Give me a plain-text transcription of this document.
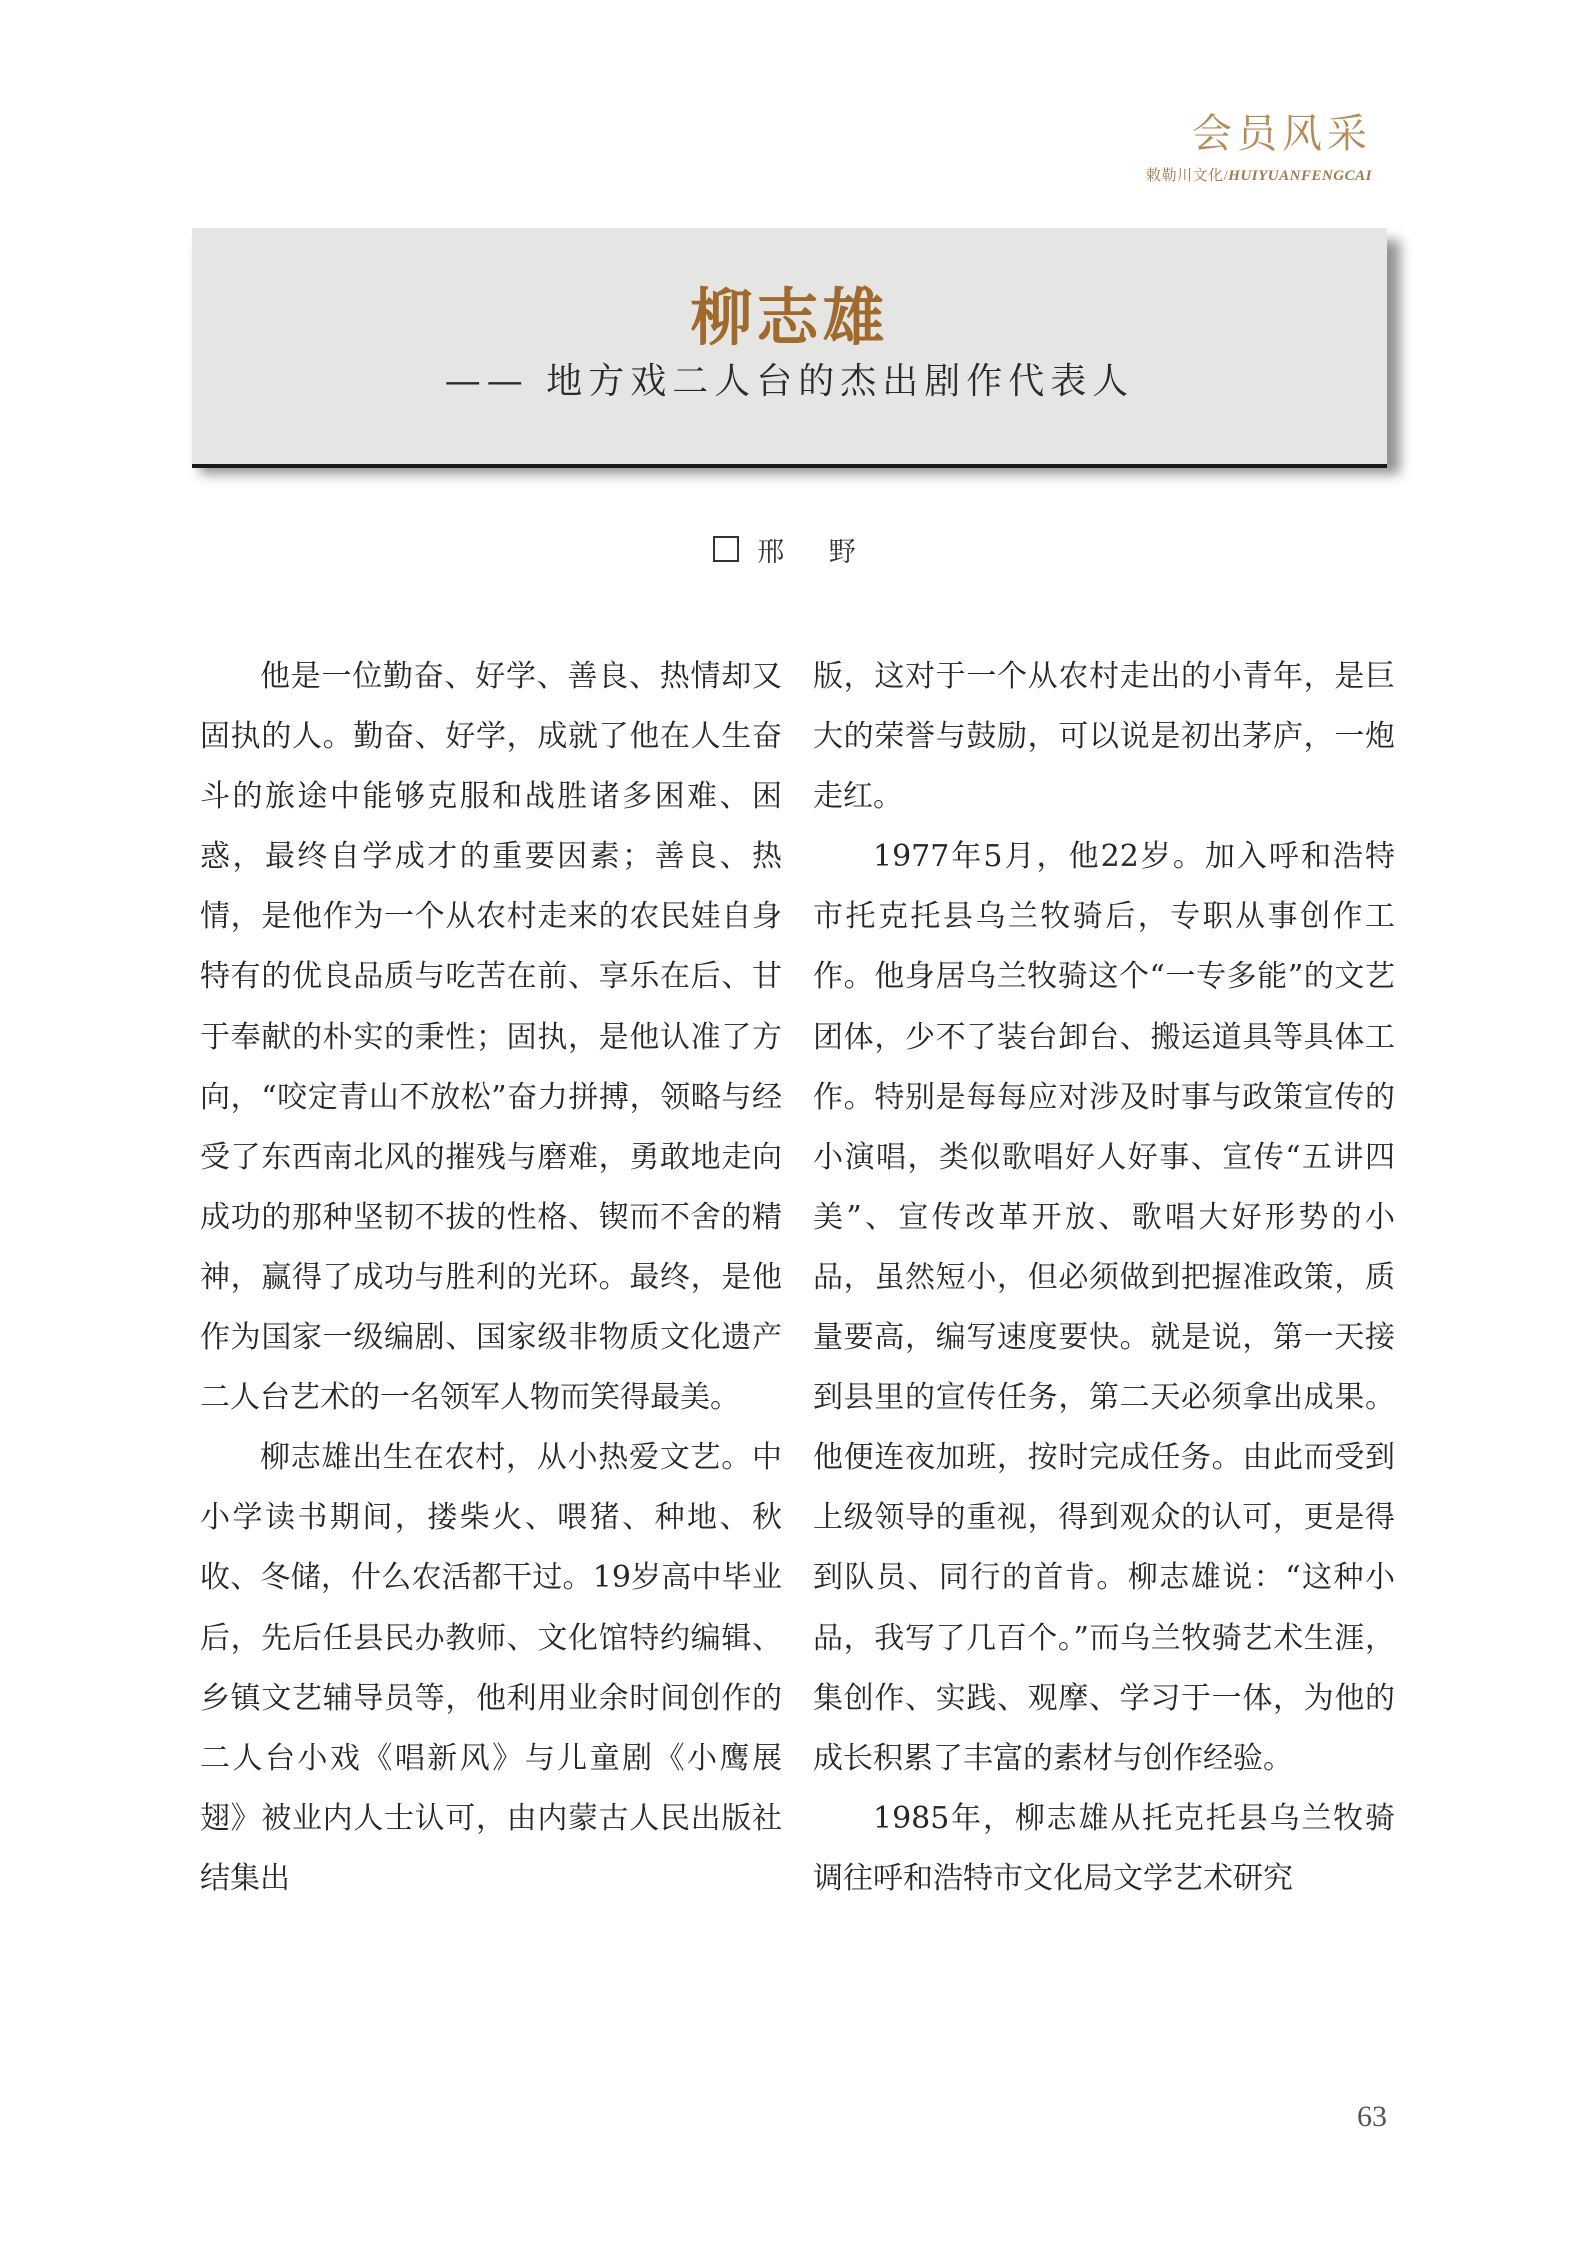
会员风采
敕勒川文化/HUIYUANFENGCAI
柳志雄
—— 地方戏二人台的杰出剧作代表人
邢 野

他是一位勤奋、好学、善良、热情却又固执的人。勤奋、好学，成就了他在人生奋斗的旅途中能够克服和战胜诸多困难、困惑，最终自学成才的重要因素；善良、热情，是他作为一个从农村走来的农民娃自身特有的优良品质与吃苦在前、享乐在后、甘于奉献的朴实的秉性；固执，是他认准了方向，“咬定青山不放松”奋力拼搏，领略与经受了东西南北风的摧残与磨难，勇敢地走向成功的那种坚韧不拔的性格、锲而不舍的精神，赢得了成功与胜利的光环。最终，是他作为国家一级编剧、国家级非物质文化遗产二人台艺术的一名领军人物而笑得最美。

柳志雄出生在农村，从小热爱文艺。中小学读书期间，搂柴火、喂猪、种地、秋收、冬储，什么农活都干过。19岁高中毕业后，先后任县民办教师、文化馆特约编辑、乡镇文艺辅导员等，他利用业余时间创作的二人台小戏《唱新风》与儿童剧《小鹰展翅》被业内人士认可，由内蒙古人民出版社结集出

版，这对于一个从农村走出的小青年，是巨大的荣誉与鼓励，可以说是初出茅庐，一炮走红。

1977年5月，他22岁。加入呼和浩特市托克托县乌兰牧骑后，专职从事创作工作。他身居乌兰牧骑这个“一专多能”的文艺团体，少不了装台卸台、搬运道具等具体工作。特别是每每应对涉及时事与政策宣传的小演唱，类似歌唱好人好事、宣传“五讲四美”、宣传改革开放、歌唱大好形势的小品，虽然短小，但必须做到把握准政策，质量要高，编写速度要快。就是说，第一天接到县里的宣传任务，第二天必须拿出成果。他便连夜加班，按时完成任务。由此而受到上级领导的重视，得到观众的认可，更是得到队员、同行的首肯。柳志雄说：“这种小品，我写了几百个。”而乌兰牧骑艺术生涯，集创作、实践、观摩、学习于一体，为他的成长积累了丰富的素材与创作经验。

1985年，柳志雄从托克托县乌兰牧骑调往呼和浩特市文化局文学艺术研究

63
